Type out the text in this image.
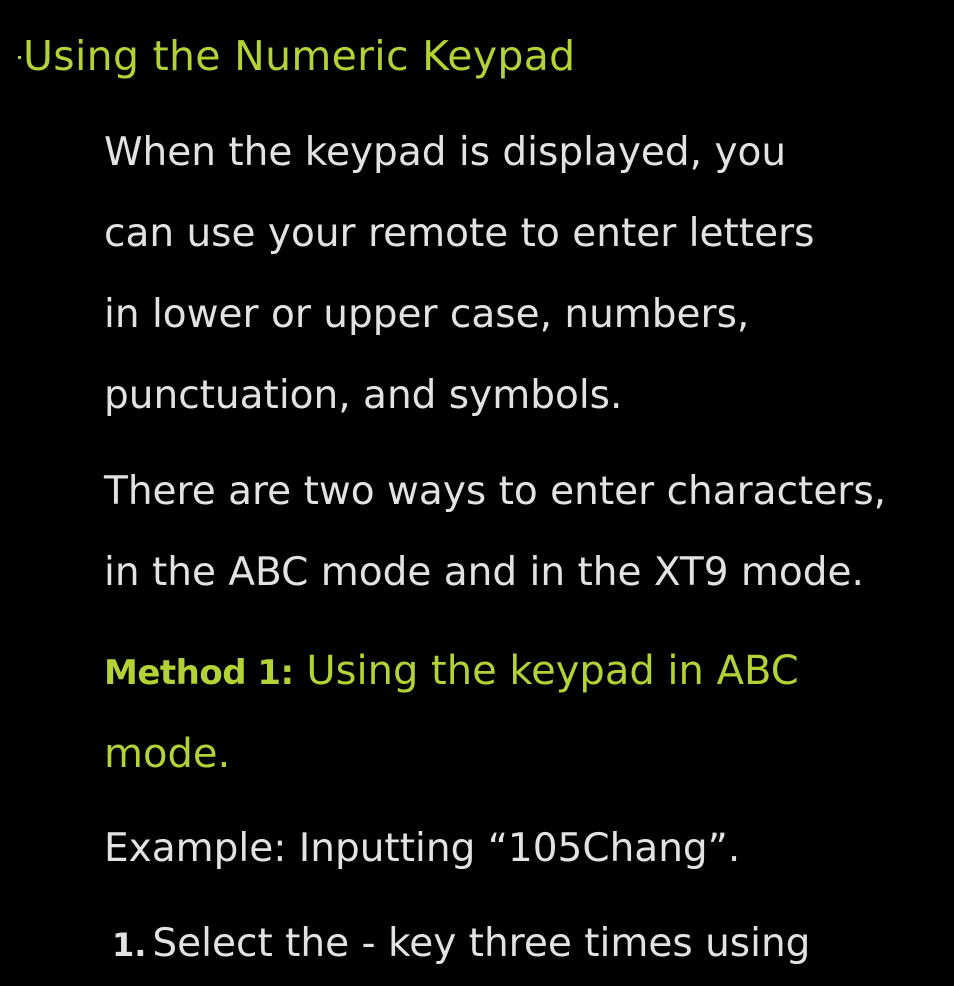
Using the Numeric Keypad
When the keypad is displayed, you
can use your remote to enter letters
in lower or upper case, numbers,
punctuation, and symbols.
There are two ways to enter characters,
in the ABC mode and in the XT9 mode.
Method 1: Using the keypad in ABC
mode.
Example: Inputting “105Chang”.
1. Select the - key three times using
